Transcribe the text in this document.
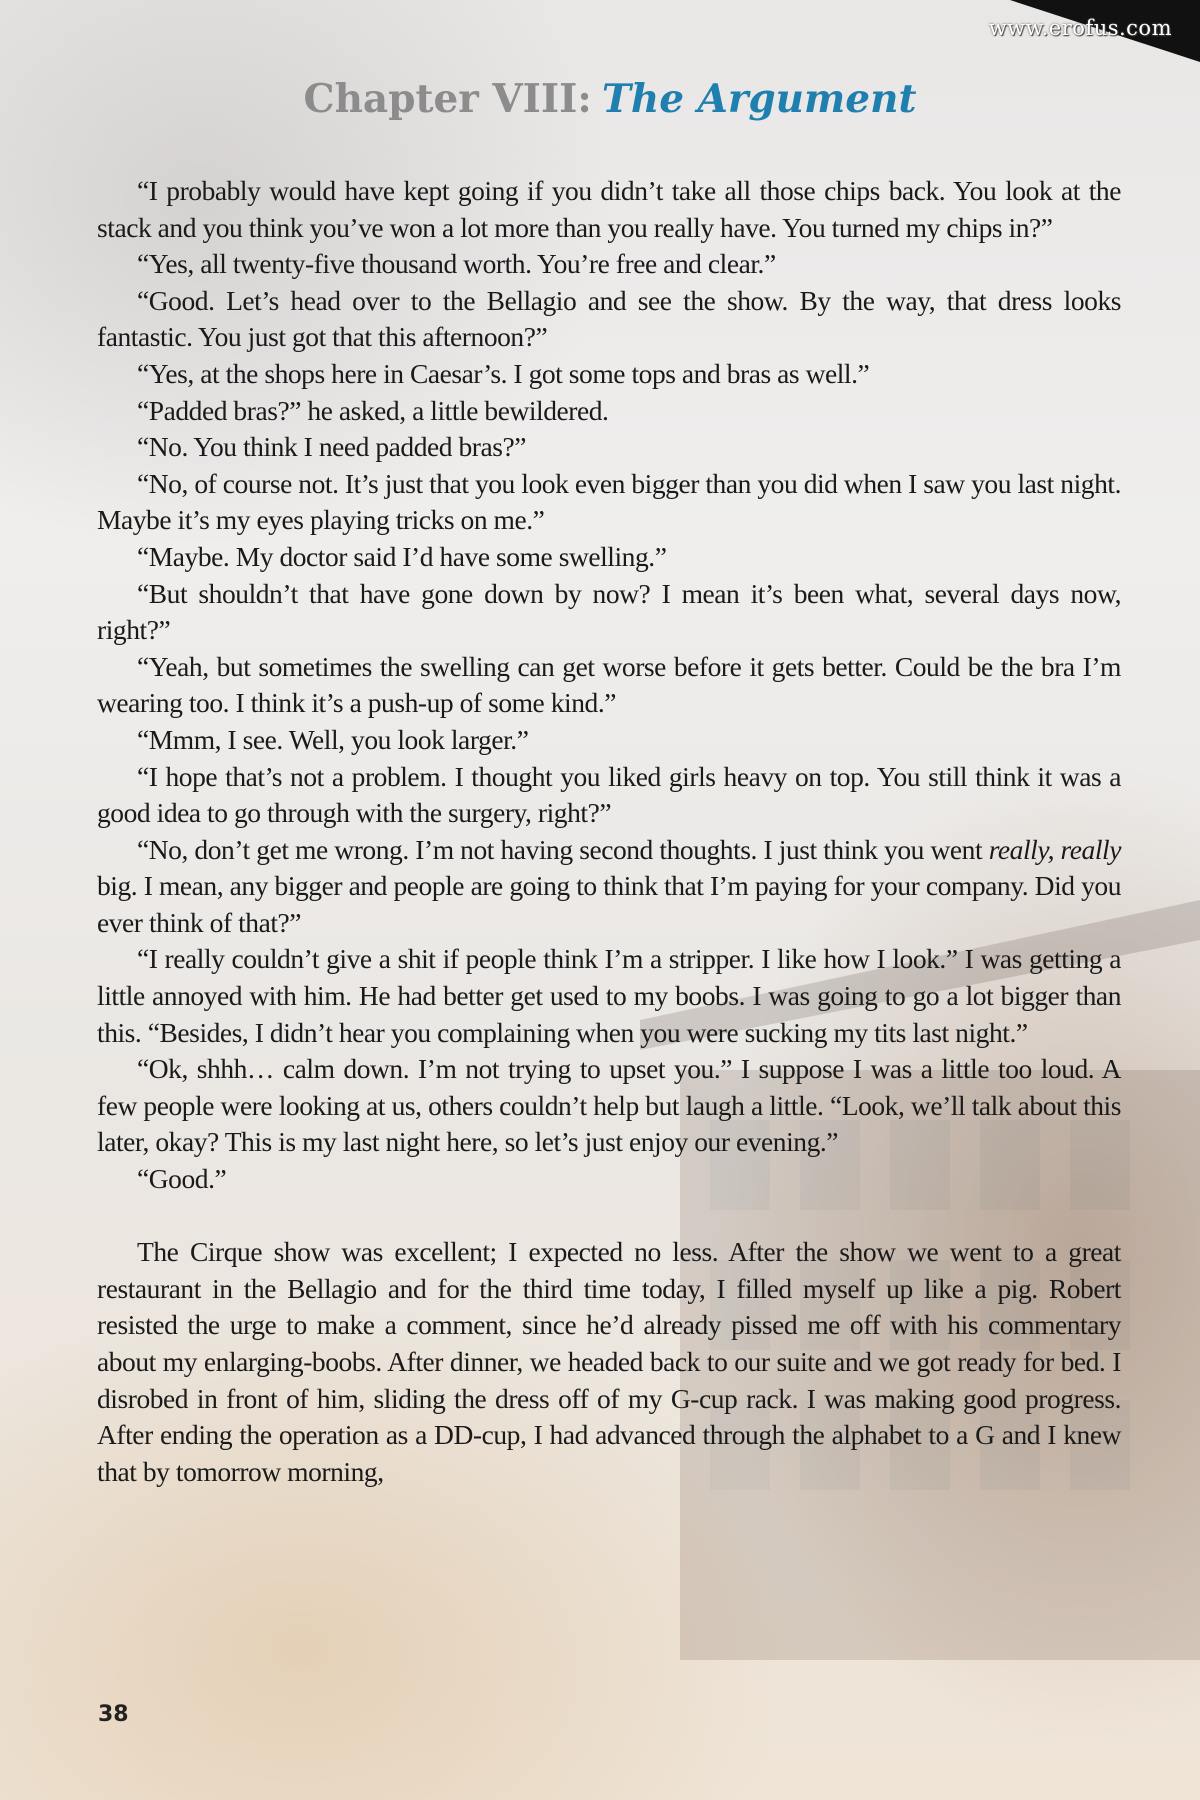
www.erofus.com
Chapter VIII: The Argument

“I probably would have kept going if you didn’t take all those chips back. You look at the stack and you think you’ve won a lot more than you really have. You turned my chips in?”

“Yes, all twenty-five thousand worth. You’re free and clear.”

“Good. Let’s head over to the Bellagio and see the show. By the way, that dress looks fantastic. You just got that this afternoon?”

“Yes, at the shops here in Caesar’s. I got some tops and bras as well.”

“Padded bras?” he asked, a little bewildered.

“No. You think I need padded bras?”

“No, of course not. It’s just that you look even bigger than you did when I saw you last night. Maybe it’s my eyes playing tricks on me.”

“Maybe. My doctor said I’d have some swelling.”

“But shouldn’t that have gone down by now? I mean it’s been what, several days now, right?”

“Yeah, but sometimes the swelling can get worse before it gets better. Could be the bra I’m wearing too. I think it’s a push-up of some kind.”

“Mmm, I see. Well, you look larger.”

“I hope that’s not a problem. I thought you liked girls heavy on top. You still think it was a good idea to go through with the surgery, right?”

“No, don’t get me wrong. I’m not having second thoughts. I just think you went really, really big. I mean, any bigger and people are going to think that I’m paying for your company. Did you ever think of that?”

“I really couldn’t give a shit if people think I’m a stripper. I like how I look.” I was getting a little annoyed with him. He had better get used to my boobs. I was going to go a lot bigger than this. “Besides, I didn’t hear you complaining when you were sucking my tits last night.”

“Ok, shhh… calm down. I’m not trying to upset you.” I suppose I was a little too loud. A few people were looking at us, others couldn’t help but laugh a little. “Look, we’ll talk about this later, okay? This is my last night here, so let’s just enjoy our evening.”

“Good.”

The Cirque show was excellent; I expected no less. After the show we went to a great restaurant in the Bellagio and for the third time today, I filled myself up like a pig. Robert resisted the urge to make a comment, since he’d already pissed me off with his commentary about my enlarging-boobs. After dinner, we headed back to our suite and we got ready for bed. I disrobed in front of him, sliding the dress off of my G-cup rack. I was making good progress. After ending the operation as a DD-cup, I had advanced through the alphabet to a G and I knew that by tomorrow morning,

38
